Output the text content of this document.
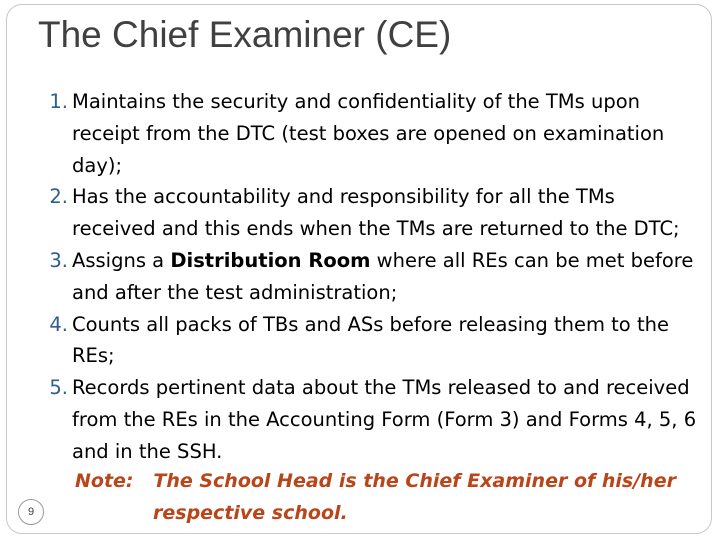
The Chief Examiner (CE)
1. Maintains the security and confidentiality of the TMs upon receipt from the DTC (test boxes are opened on examination day);
2. Has the accountability and responsibility for all the TMs received and this ends when the TMs are returned to the DTC;
3. Assigns a Distribution Room where all REs can be met before and after the test administration;
4. Counts all packs of TBs and ASs before releasing them to the REs;
5. Records pertinent data about the TMs released to and received from the REs in the Accounting Form (Form 3) and Forms 4, 5, 6 and in the SSH.
Note:   The School Head is the Chief Examiner of his/her
respective school.
9
